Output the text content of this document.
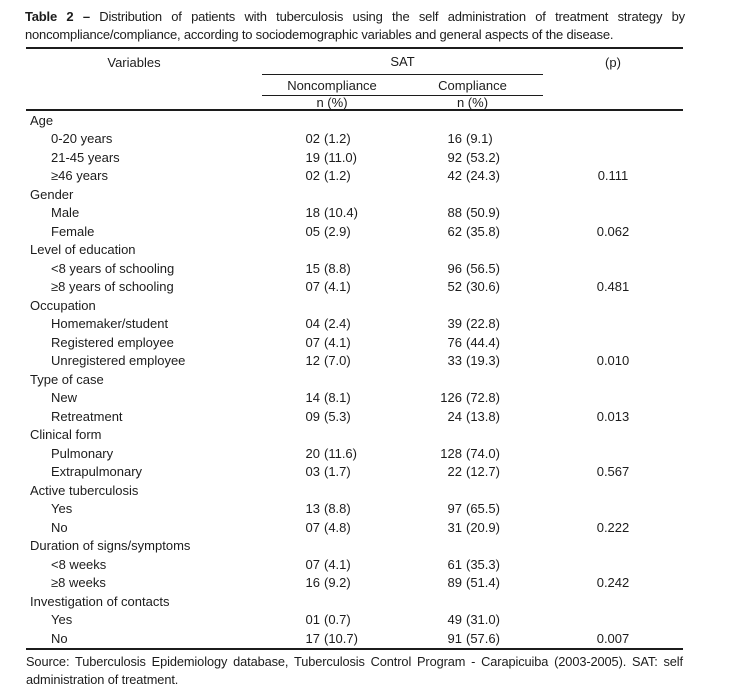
Table 2 – Distribution of patients with tuberculosis using the self administration of treatment strategy by noncompliance/compliance, according to sociodemographic variables and general aspects of the disease.

Variables	SAT	(p)
Noncompliance	Compliance
n (%)	n (%)
Age
0-20 years	02 (1.2)	16 (9.1)
21-45 years	19 (11.0)	92 (53.2)
≥46 years	02 (1.2)	42 (24.3)	0.111
Gender
Male	18 (10.4)	88 (50.9)
Female	05 (2.9)	62 (35.8)	0.062
Level of education
<8 years of schooling	15 (8.8)	96 (56.5)
≥8 years of schooling	07 (4.1)	52 (30.6)	0.481
Occupation
Homemaker/student	04 (2.4)	39 (22.8)
Registered employee	07 (4.1)	76 (44.4)
Unregistered employee	12 (7.0)	33 (19.3)	0.010
Type of case
New	14 (8.1)	126 (72.8)
Retreatment	09 (5.3)	24 (13.8)	0.013
Clinical form
Pulmonary	20 (11.6)	128 (74.0)
Extrapulmonary	03 (1.7)	22 (12.7)	0.567
Active tuberculosis
Yes	13 (8.8)	97 (65.5)
No	07 (4.8)	31 (20.9)	0.222
Duration of signs/symptoms
<8 weeks	07 (4.1)	61 (35.3)
≥8 weeks	16 (9.2)	89 (51.4)	0.242
Investigation of contacts
Yes	01 (0.7)	49 (31.0)
No	17 (10.7)	91 (57.6)	0.007

Source: Tuberculosis Epidemiology database, Tuberculosis Control Program - Carapicuiba (2003-2005). SAT: self administration of treatment.
